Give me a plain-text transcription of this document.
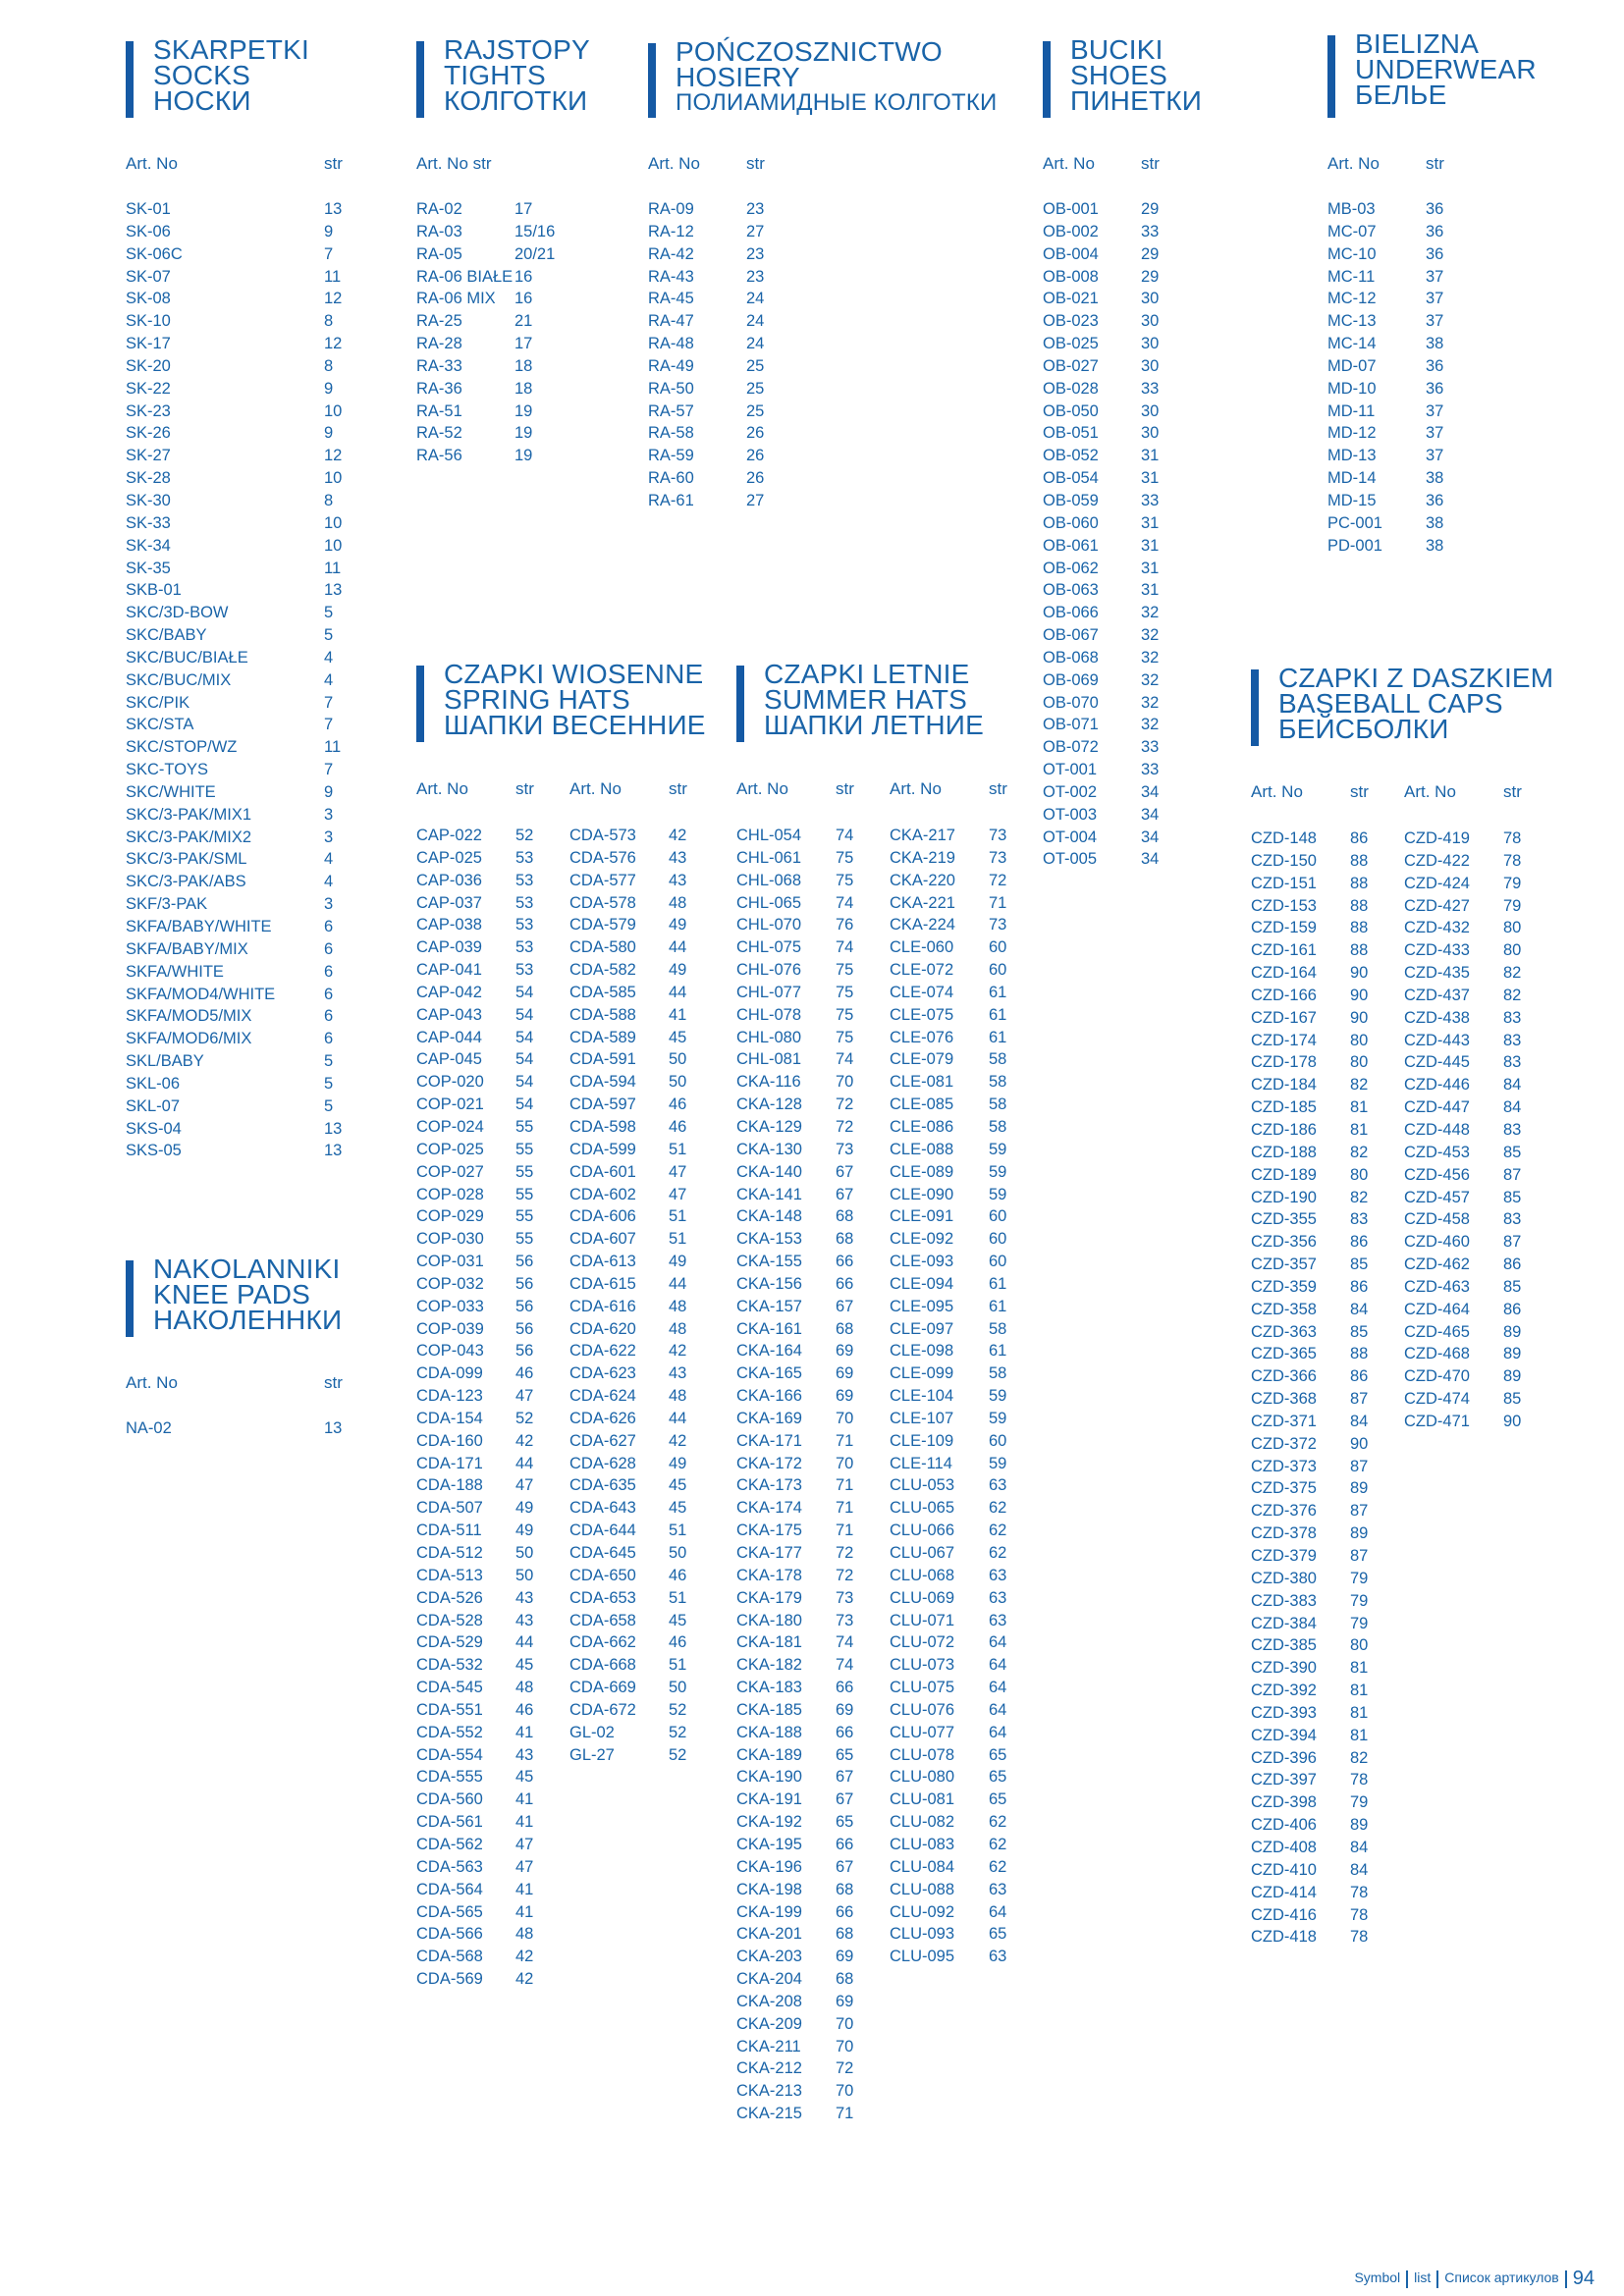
SKARPETKI
SOCKS
НОСКИ
RAJSTOPY
TIGHTS
КОЛГОТКИ
POŃCZOSZNICTWO
HOSIERY
ПОЛИАМИДНЫЕ КОЛГОТКИ
BUCIKI
SHOES
ПИНЕТКИ
BIELIZNA
UNDERWEAR
БЕЛЬЕ
NAKOLANNIKI
KNEE PADS
НАКОЛЕННКИ
CZAPKI WIOSENNE
SPRING HATS
ШАПКИ ВЕСЕННИЕ
CZAPKI LETNIE
SUMMER HATS
ШАПКИ ЛЕТНИЕ
CZAPKI Z DASZKIEM
BASEBALL CAPS
БЕЙСБОЛКИ
Art. No	str
SK-01	13
SK-06	9
SK-06C	7
SK-07	11
SK-08	12
SK-10	8
SK-17	12
SK-20	8
SK-22	9
SK-23	10
SK-26	9
SK-27	12
SK-28	10
SK-30	8
SK-33	10
SK-34	10
SK-35	11
SKB-01	13
SKC/3D-BOW	5
SKC/BABY	5
SKC/BUC/BIAŁE	4
SKC/BUC/MIX	4
SKC/PIK	7
SKC/STA	7
SKC/STOP/WZ	11
SKC-TOYS	7
SKC/WHITE	9
SKC/3-PAK/MIX1	3
SKC/3-PAK/MIX2	3
SKC/3-PAK/SML	4
SKC/3-PAK/ABS	4
SKF/3-PAK	3
SKFA/BABY/WHITE	6
SKFA/BABY/MIX	6
SKFA/WHITE	6
SKFA/MOD4/WHITE	6
SKFA/MOD5/MIX	6
SKFA/MOD6/MIX	6
SKL/BABY	5
SKL-06	5
SKL-07	5
SKS-04	13
SKS-05	13
Art. No str
RA-02	17
RA-03	15/16
RA-05	20/21
RA-06 BIAŁE 16
RA-06 MIX 16
RA-25	21
RA-28	17
RA-33	18
RA-36	18
RA-51	19
RA-52	19
RA-56	19
Art. No	str
RA-09	23
RA-12	27
RA-42	23
RA-43	23
RA-45	24
RA-47	24
RA-48	24
RA-49	25
RA-50	25
RA-57	25
RA-58	26
RA-59	26
RA-60	26
RA-61	27
Art. No	str
OB-001	29
OB-002	33
OB-004	29
OB-008	29
OB-021	30
OB-023	30
OB-025	30
OB-027	30
OB-028	33
OB-050	30
OB-051	30
OB-052	31
OB-054	31
OB-059	33
OB-060	31
OB-061	31
OB-062	31
OB-063	31
OB-066	32
OB-067	32
OB-068	32
OB-069	32
OB-070	32
OB-071	32
OB-072	33
OT-001	33
OT-002	34
OT-003	34
OT-004	34
OT-005	34
Art. No	str
MB-03	36
MC-07	36
MC-10	36
MC-11	37
MC-12	37
MC-13	37
MC-14	38
MD-07	36
MD-10	36
MD-11	37
MD-12	37
MD-13	37
MD-14	38
MD-15	36
PC-001	38
PD-001	38
Art. No	str
NA-02	13
Art. No	str
CAP-022 52
CAP-025 53
CAP-036 53
CAP-037 53
CAP-038 53
CAP-039 53
CAP-041 53
CAP-042 54
CAP-043 54
CAP-044 54
CAP-045 54
COP-020 54
COP-021 54
COP-024 55
COP-025 55
COP-027 55
COP-028 55
COP-029 55
COP-030 55
COP-031 56
COP-032 56
COP-033 56
COP-039 56
COP-043 56
CDA-099 46
CDA-123 47
CDA-154 52
CDA-160 42
CDA-171 44
CDA-188 47
CDA-507 49
CDA-511 49
CDA-512 50
CDA-513 50
CDA-526 43
CDA-528 43
CDA-529 44
CDA-532 45
CDA-545 48
CDA-551 46
CDA-552 41
CDA-554 43
CDA-555 45
CDA-560 41
CDA-561 41
CDA-562 47
CDA-563 47
CDA-564 41
CDA-565 41
CDA-566 48
CDA-568 42
CDA-569 42
Art. No	str
CDA-573 42
CDA-576 43
CDA-577 43
CDA-578 48
CDA-579 49
CDA-580 44
CDA-582 49
CDA-585 44
CDA-588 41
CDA-589 45
CDA-591 50
CDA-594 50
CDA-597 46
CDA-598 46
CDA-599 51
CDA-601 47
CDA-602 47
CDA-606 51
CDA-607 51
CDA-613 49
CDA-615 44
CDA-616 48
CDA-620 48
CDA-622 42
CDA-623 43
CDA-624 48
CDA-626 44
CDA-627 42
CDA-628 49
CDA-635 45
CDA-643 45
CDA-644 51
CDA-645 50
CDA-650 46
CDA-653 51
CDA-658 45
CDA-662 46
CDA-668 51
CDA-669 50
CDA-672 52
GL-02	52
GL-27	52
Art. No	str
CHL-054 74
CHL-061 75
CHL-068 75
CHL-065 74
CHL-070 76
CHL-075 74
CHL-076 75
CHL-077 75
CHL-078 75
CHL-080 75
CHL-081 74
CKA-116 70
CKA-128 72
CKA-129 72
CKA-130 73
CKA-140 67
CKA-141 67
CKA-148 68
CKA-153 68
CKA-155 66
CKA-156 66
CKA-157 67
CKA-161 68
CKA-164 69
CKA-165 69
CKA-166 69
CKA-169 70
CKA-171 71
CKA-172 70
CKA-173 71
CKA-174 71
CKA-175 71
CKA-177 72
CKA-178 72
CKA-179 73
CKA-180 73
CKA-181 74
CKA-182 74
CKA-183 66
CKA-185 69
CKA-188 66
CKA-189 65
CKA-190 67
CKA-191 67
CKA-192 65
CKA-195 66
CKA-196 67
CKA-198 68
CKA-199 66
CKA-201 68
CKA-203 69
CKA-204 68
CKA-208 69
CKA-209 70
CKA-211 70
CKA-212 72
CKA-213 70
CKA-215 71
Art. No	str
CKA-217 73
CKA-219 73
CKA-220 72
CKA-221 71
CKA-224 73
CLE-060 60
CLE-072 60
CLE-074 61
CLE-075 61
CLE-076 61
CLE-079 58
CLE-081 58
CLE-085 58
CLE-086 58
CLE-088 59
CLE-089 59
CLE-090 59
CLE-091 60
CLE-092 60
CLE-093 60
CLE-094 61
CLE-095 61
CLE-097 58
CLE-098 61
CLE-099 58
CLE-104 59
CLE-107 59
CLE-109 60
CLE-114 59
CLU-053 63
CLU-065 62
CLU-066 62
CLU-067 62
CLU-068 63
CLU-069 63
CLU-071 63
CLU-072 64
CLU-073 64
CLU-075 64
CLU-076 64
CLU-077 64
CLU-078 65
CLU-080 65
CLU-081 65
CLU-082 62
CLU-083 62
CLU-084 62
CLU-088 63
CLU-092 64
CLU-093 65
CLU-095 63
Art. No	str
CZD-148 86
CZD-150 88
CZD-151 88
CZD-153 88
CZD-159 88
CZD-161 88
CZD-164 90
CZD-166 90
CZD-167 90
CZD-174 80
CZD-178 80
CZD-184 82
CZD-185 81
CZD-186 81
CZD-188 82
CZD-189 80
CZD-190 82
CZD-355 83
CZD-356 86
CZD-357 85
CZD-359 86
CZD-358 84
CZD-363 85
CZD-365 88
CZD-366 86
CZD-368 87
CZD-371 84
CZD-372 90
CZD-373 87
CZD-375 89
CZD-376 87
CZD-378 89
CZD-379 87
CZD-380 79
CZD-383 79
CZD-384 79
CZD-385 80
CZD-390 81
CZD-392 81
CZD-393 81
CZD-394 81
CZD-396 82
CZD-397 78
CZD-398 79
CZD-406 89
CZD-408 84
CZD-410 84
CZD-414 78
CZD-416 78
CZD-418 78
Art. No	str
CZD-419 78
CZD-422 78
CZD-424 79
CZD-427 79
CZD-432 80
CZD-433 80
CZD-435 82
CZD-437 82
CZD-438 83
CZD-443 83
CZD-445 83
CZD-446 84
CZD-447 84
CZD-448 83
CZD-453 85
CZD-456 87
CZD-457 85
CZD-458 83
CZD-460 87
CZD-462 86
CZD-463 85
CZD-464 86
CZD-465 89
CZD-468 89
CZD-470 89
CZD-474 85
CZD-471 90
Symbol list Список артикулов 94
